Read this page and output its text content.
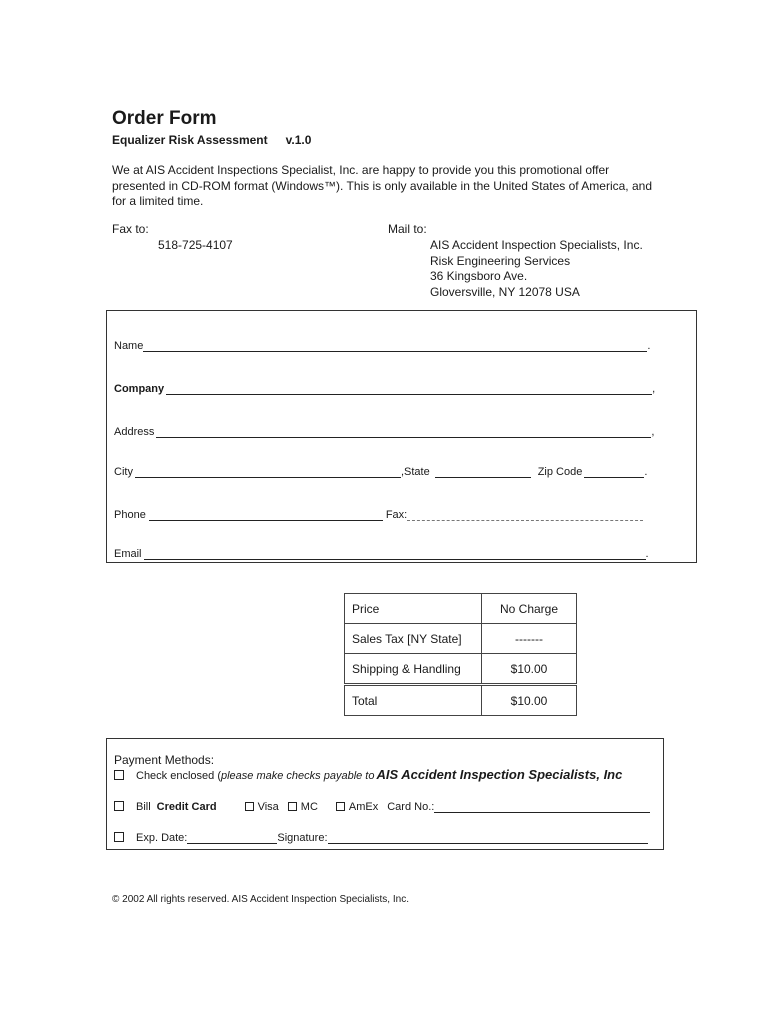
Order Form
Equalizer Risk Assessment v.1.0
We at AIS Accident Inspections Specialist, Inc. are happy to provide you this promotional offer presented in CD-ROM format (Windows™). This is only available in the United States of America, and for a limited time.
Fax to:
518-725-4107
Mail to:
AIS Accident Inspection Specialists, Inc.
Risk Engineering Services
36 Kingsboro Ave.
Gloversville, NY 12078 USA
Name	.
Company	,
Address	,
City	,State	Zip Code	.
Phone	Fax:
Email	.
Price	No Charge
Sales Tax [NY State]	-------
Shipping & Handling	$10.00
Total	$10.00
Payment Methods:
Check enclosed ( please make checks payable to AIS Accident Inspection Specialists, Inc
Bill Credit Card	Visa MC	AmEx Card No.:
Exp. Date:	Signature:
© 2002 All rights reserved. AIS Accident Inspection Specialists, Inc.
